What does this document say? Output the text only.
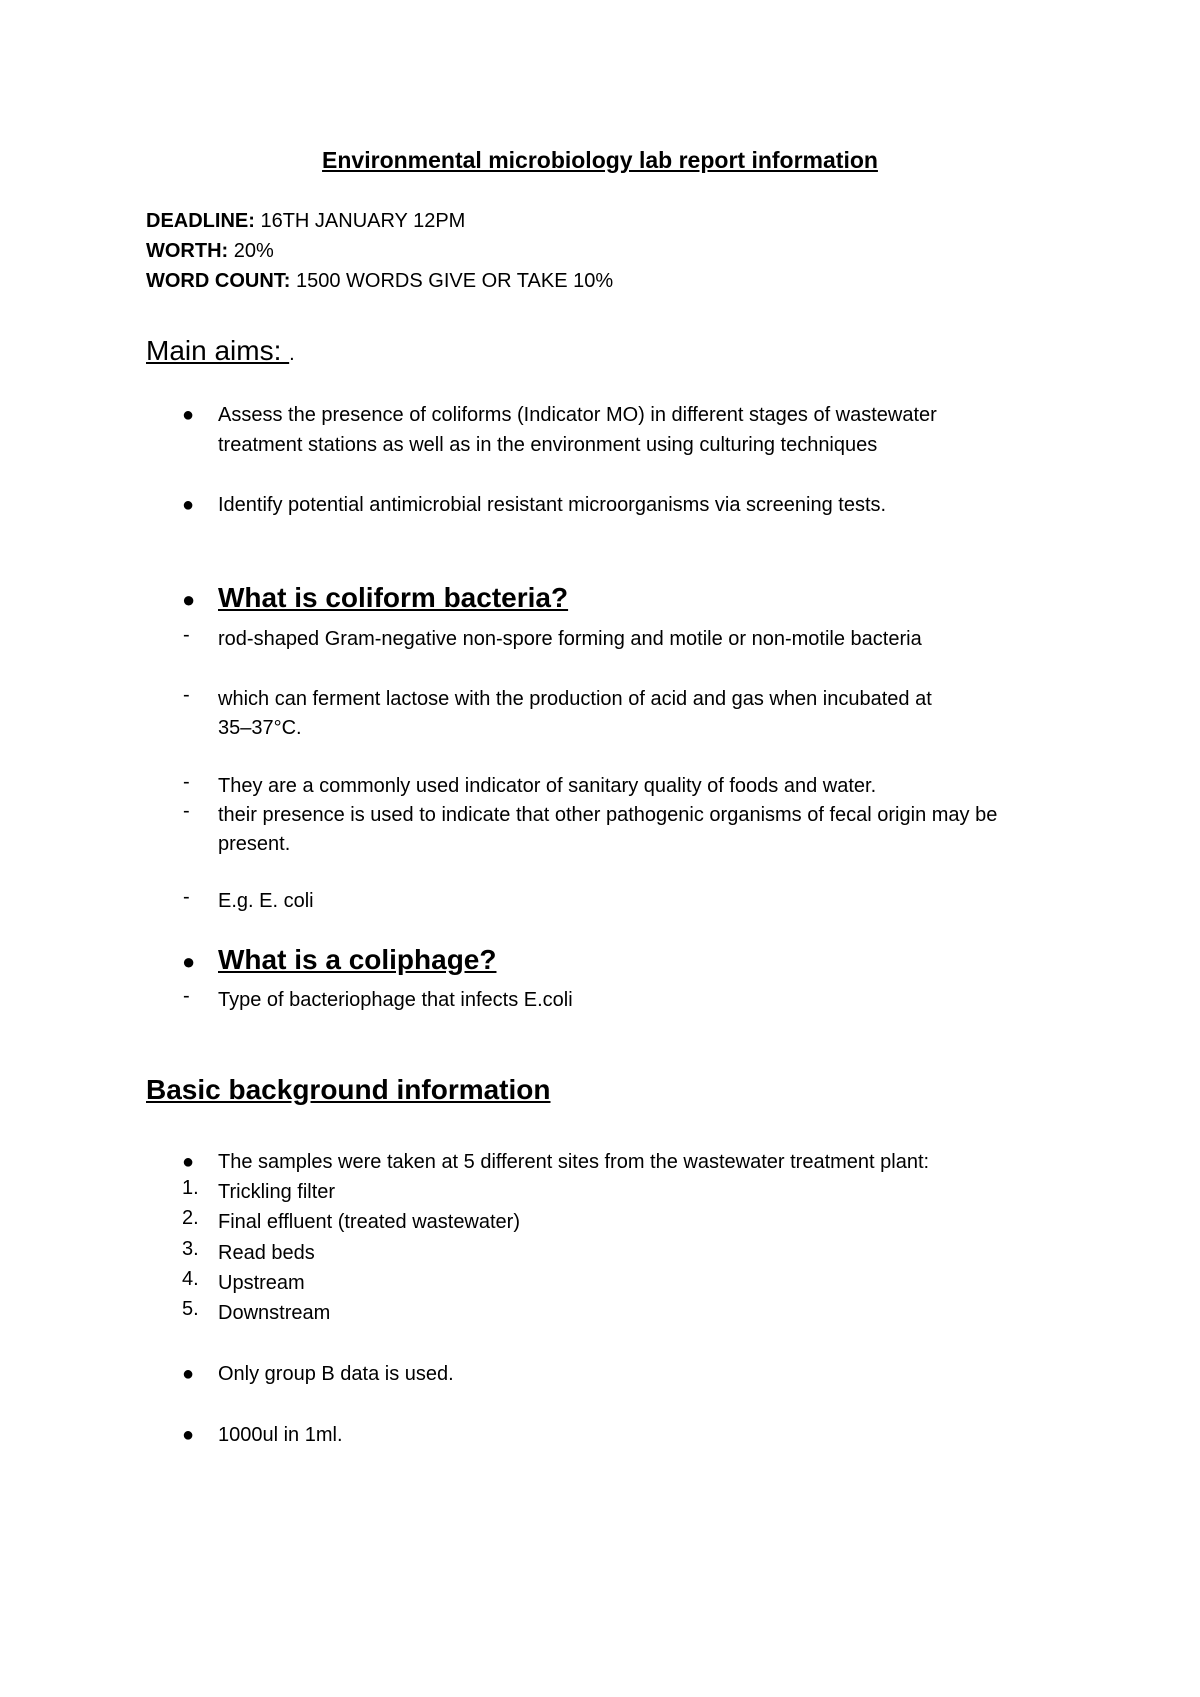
Environmental microbiology lab report information
DEADLINE: 16TH JANUARY 12PM
WORTH: 20%
WORD COUNT: 1500 WORDS GIVE OR TAKE 10%
Main aims: .
● Assess the presence of coliforms (Indicator MO) in different stages of wastewater
treatment stations as well as in the environment using culturing techniques
● Identify potential antimicrobial resistant microorganisms via screening tests.
● What is coliform bacteria?
- rod-shaped Gram-negative non-spore forming and motile or non-motile bacteria
- which can ferment lactose with the production of acid and gas when incubated at
35–37°C.
- They are a commonly used indicator of sanitary quality of foods and water.
- their presence is used to indicate that other pathogenic organisms of fecal origin may be
present.
- E.g. E. coli
● What is a coliphage?
- Type of bacteriophage that infects E.coli
Basic background information
● The samples were taken at 5 different sites from the wastewater treatment plant:
1. Trickling filter
2. Final effluent (treated wastewater)
3. Read beds
4. Upstream
5. Downstream
● Only group B data is used.
● 1000ul in 1ml.
